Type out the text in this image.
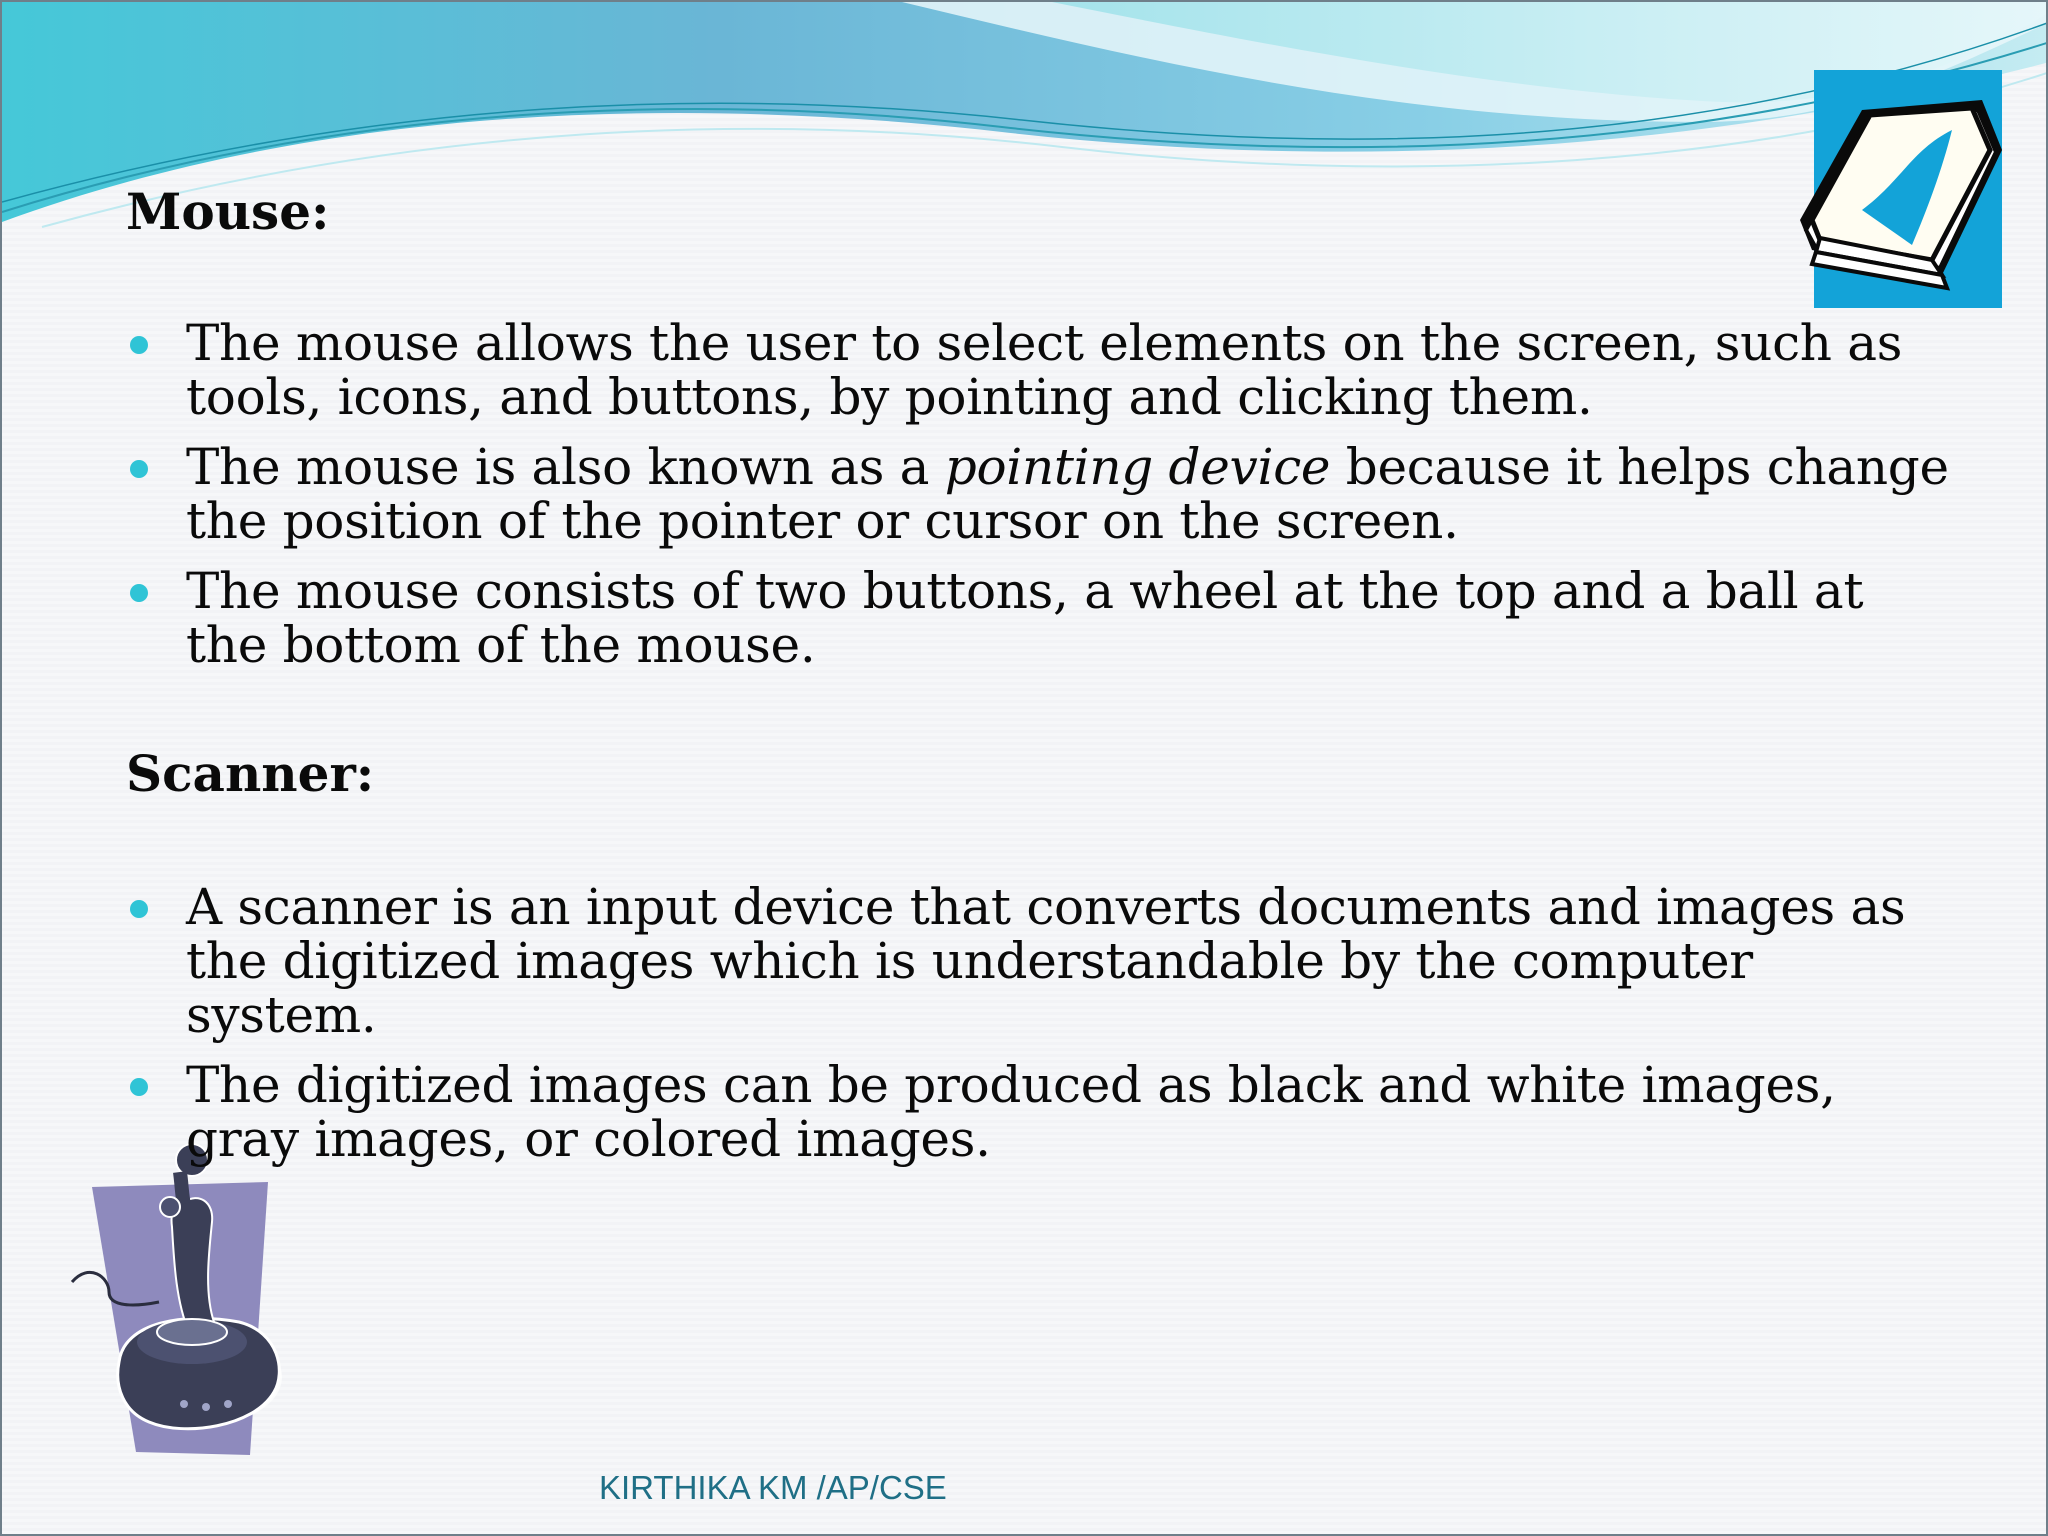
Mouse:
The mouse allows the user to select elements on the screen, such as tools, icons, and buttons, by pointing and clicking them.
The mouse is also known as a pointing device because it helps change the position of the pointer or cursor on the screen.
The mouse consists of two buttons, a wheel at the top and a ball at the bottom of the mouse.
Scanner:
A scanner is an input device that converts documents and images as the digitized images which is understandable by the computer system.
The digitized images can be produced as black and white images, gray images, or colored images.
KIRTHIKA KM /AP/CSE
